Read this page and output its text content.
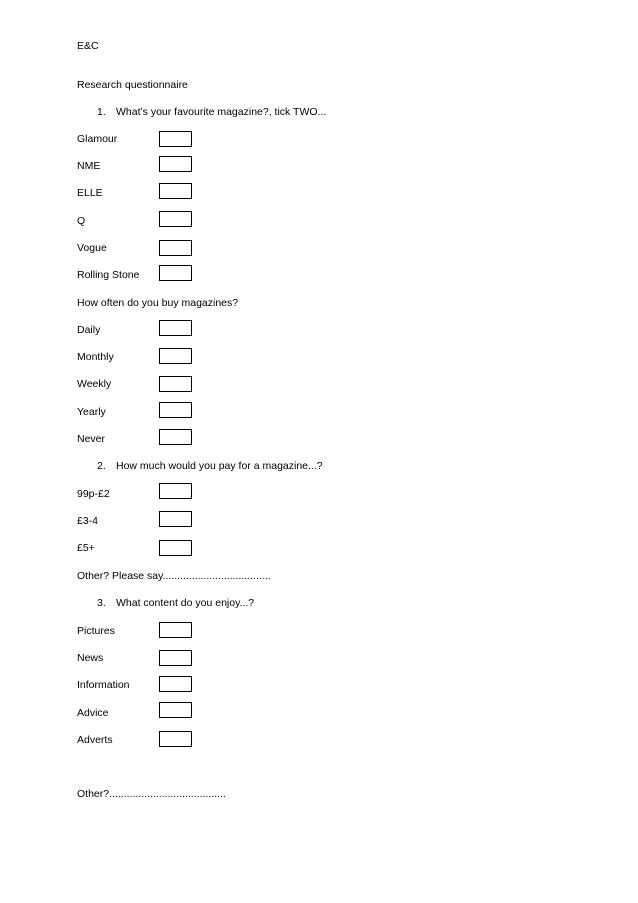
E&C
Research questionnaire
1. What’s your favourite magazine?, tick TWO...
Glamour
NME
ELLE
Q
Vogue
Rolling Stone
How often do you buy magazines?
Daily
Monthly
Weekly
Yearly
Never
2. How much would you pay for a magazine...?
99p-£2
£3-4
£5+
Other? Please say.....................................
3. What content do you enjoy...?
Pictures
News
Information
Advice
Adverts
Other?........................................
